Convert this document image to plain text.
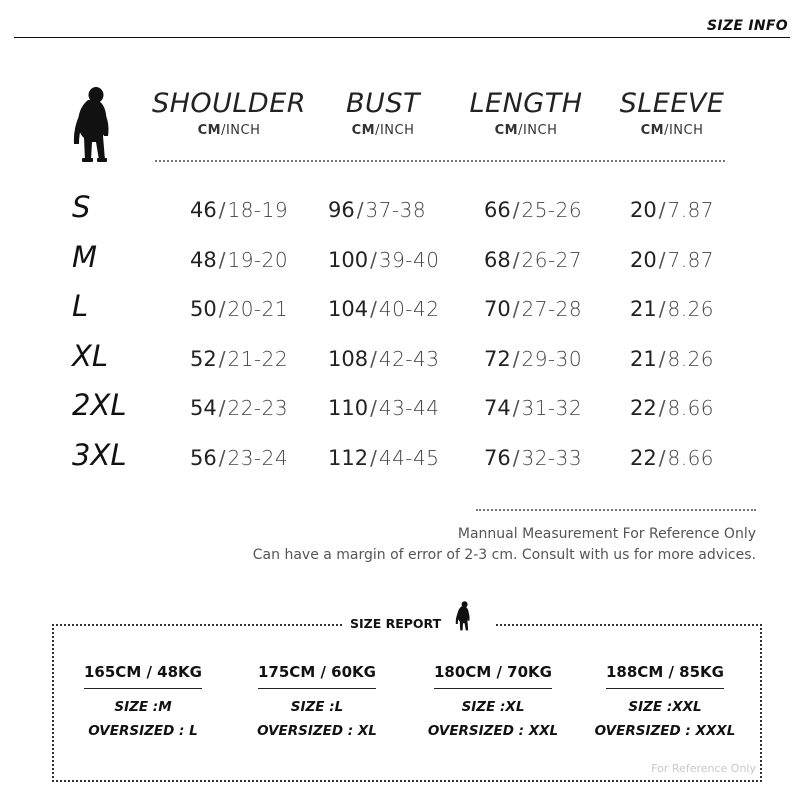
SIZE INFO
SHOULDER
CM/INCH
BUST
CM/INCH
LENGTH
CM/INCH
SLEEVE
CM/INCH
S	46 / 18-19 96 / 37-38	66 / 25-26 20 / 7.87
M	48 / 19-20 100 / 39-40 68 / 26-27 20 / 7.87
L	50 / 20-21 104 / 40-42 70 / 27-28 21 / 8.26
XL	52 / 21-22 108 / 42-43 72 / 29-30 21 / 8.26
2XL	54 / 22-23 110 / 43-44 74 / 31-32 22 / 8.66
3XL	56 / 23-24 112 / 44-45 76 / 32-33 22 / 8.66
Mannual Measurement For Reference Only
Can have a margin of error of 2-3 cm. Consult with us for more advices.
SIZE REPORT
165CM / 48KG
SIZE :M
OVERSIZED : L
175CM / 60KG
SIZE :L
OVERSIZED : XL
180CM / 70KG
SIZE :XL
OVERSIZED : XXL
188CM / 85KG
SIZE :XXL
OVERSIZED : XXXL
For Reference Only
